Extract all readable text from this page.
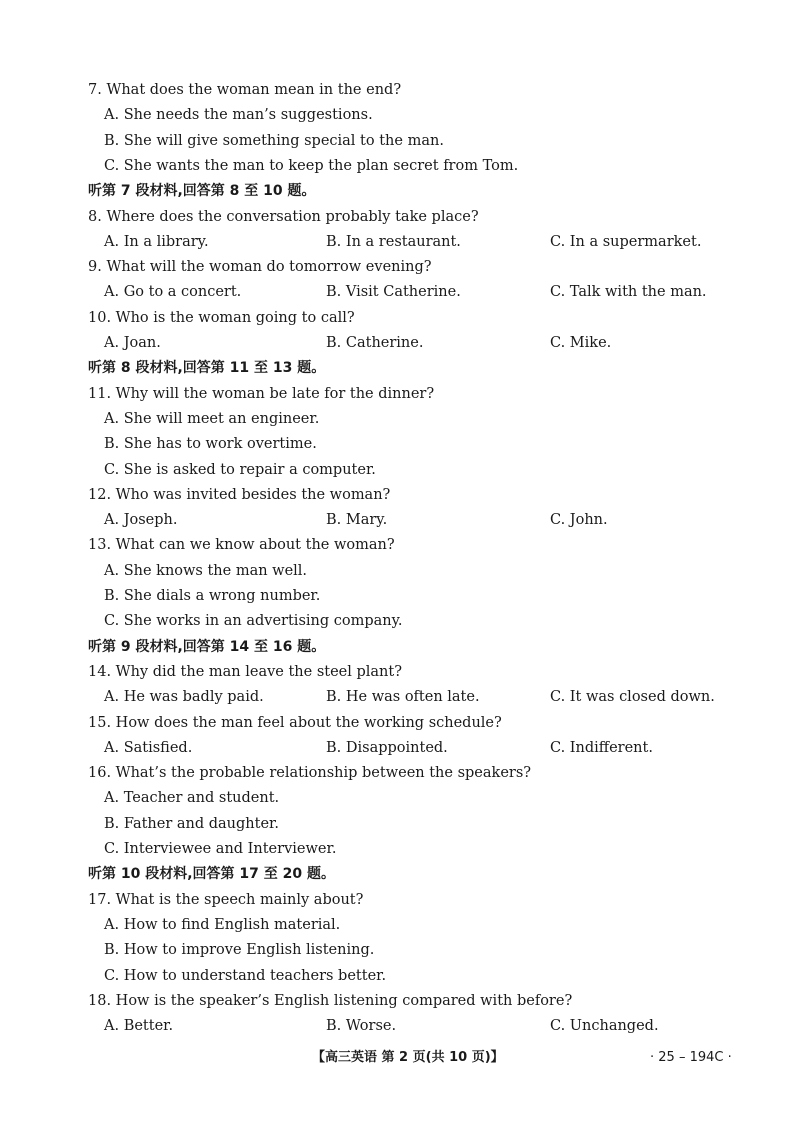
7. What does the woman mean in the end?
A. She needs the man’s suggestions.
B. She will give something special to the man.
C. She wants the man to keep the plan secret from Tom.
听第 7 段材料,回答第 8 至 10 题。
8. Where does the conversation probably take place?
A. In a library.	B. In a restaurant.	C. In a supermarket.
9. What will the woman do tomorrow evening?
A. Go to a concert.	B. Visit Catherine.	C. Talk with the man.
10. Who is the woman going to call?
A. Joan.	B. Catherine.	C. Mike.
听第 8 段材料,回答第 11 至 13 题。
11. Why will the woman be late for the dinner?
A. She will meet an engineer.
B. She has to work overtime.
C. She is asked to repair a computer.
12. Who was invited besides the woman?
A. Joseph.	B. Mary.	C. John.
13. What can we know about the woman?
A. She knows the man well.
B. She dials a wrong number.
C. She works in an advertising company.
听第 9 段材料,回答第 14 至 16 题。
14. Why did the man leave the steel plant?
A. He was badly paid.	B. He was often late.	C. It was closed down.
15. How does the man feel about the working schedule?
A. Satisfied.	B. Disappointed.	C. Indifferent.
16. What’s the probable relationship between the speakers?
A. Teacher and student.
B. Father and daughter.
C. Interviewee and Interviewer.
听第 10 段材料,回答第 17 至 20 题。
17. What is the speech mainly about?
A. How to find English material.
B. How to improve English listening.
C. How to understand teachers better.
18. How is the speaker’s English listening compared with before?
A. Better.	B. Worse.	C. Unchanged.
【高三英语 第 2 页(共 10 页)】	· 25 – 194C ·
